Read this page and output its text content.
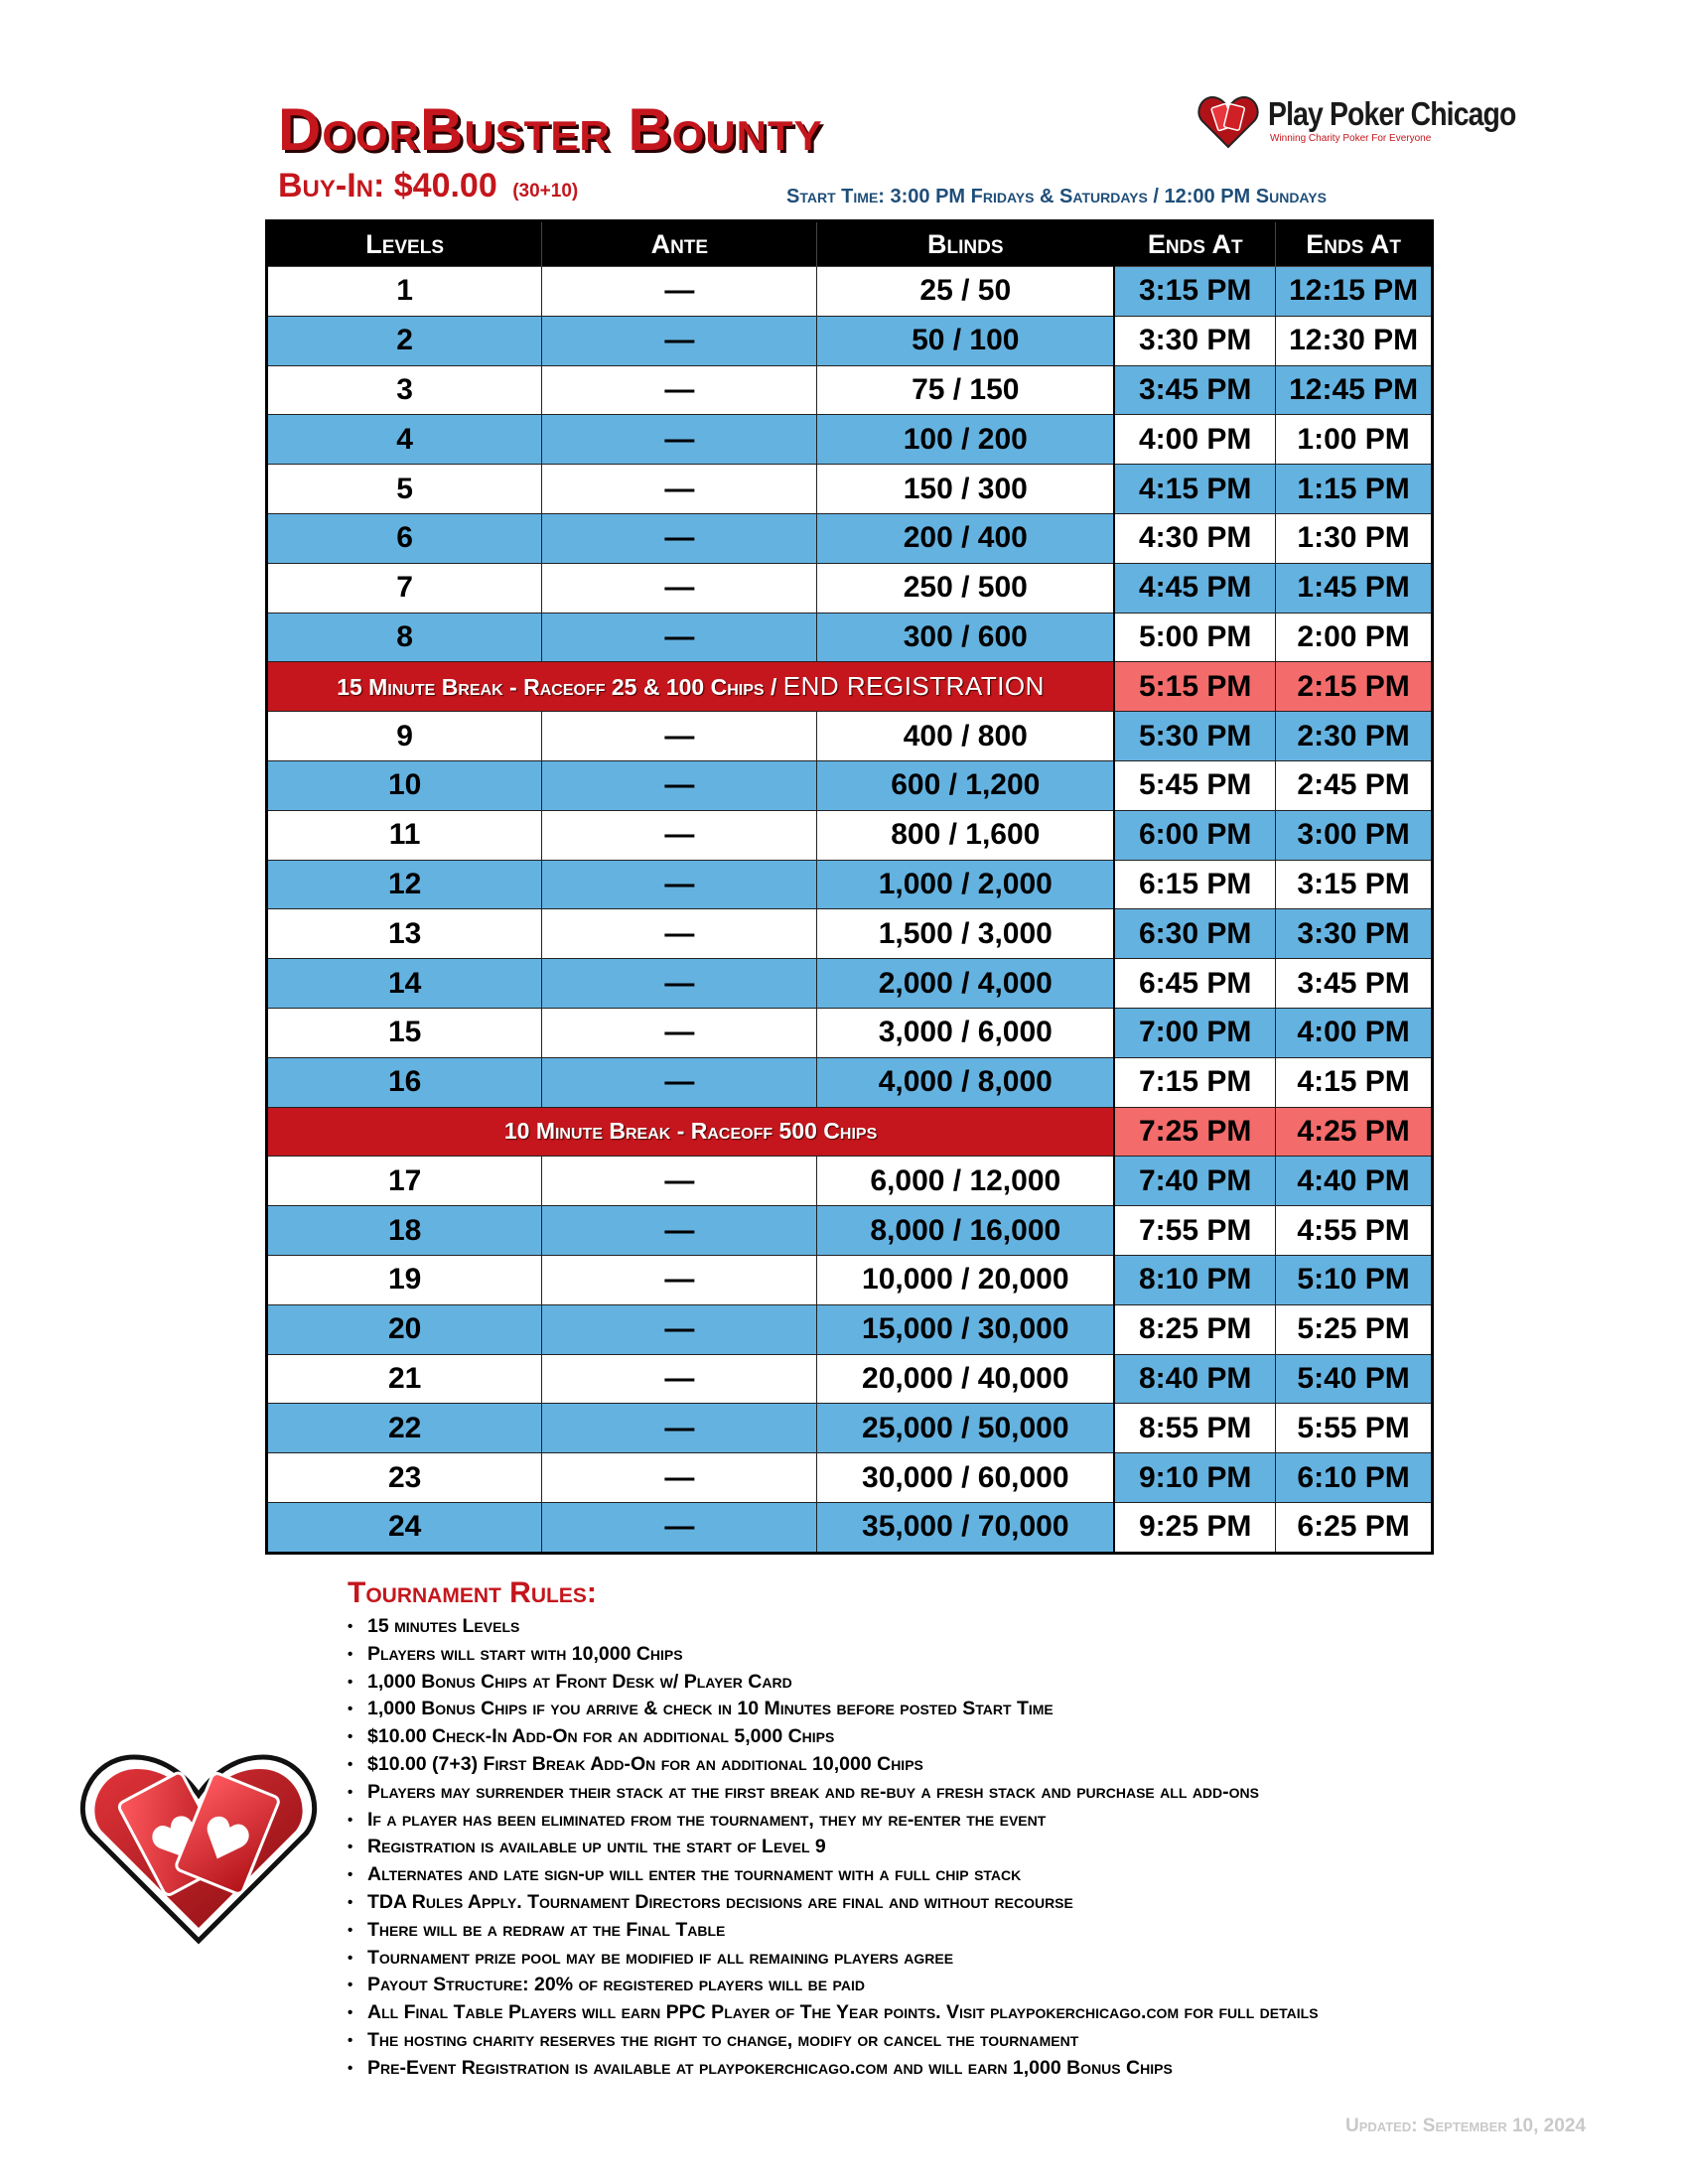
DoorBuster Bounty
Buy-In: $40.00 (30+10)	Start Time: 3:00 PM Fridays & Saturdays / 12:00 PM Sundays
Play Poker Chicago
Winning Charity Poker For Everyone
Levels	Ante	Blinds	Ends At	Ends At
1	—	25 / 50	3:15 PM	12:15 PM
2	—	50 / 100	3:30 PM	12:30 PM
3	—	75 / 150	3:45 PM	12:45 PM
4	—	100 / 200	4:00 PM	1:00 PM
5	—	150 / 300	4:15 PM	1:15 PM
6	—	200 / 400	4:30 PM	1:30 PM
7	—	250 / 500	4:45 PM	1:45 PM
8	—	300 / 600	5:00 PM	2:00 PM
15 Minute Break - Raceoff 25 & 100 Chips / END REGISTRATION			5:15 PM	2:15 PM
9	—	400 / 800	5:30 PM	2:30 PM
10	—	600 / 1,200	5:45 PM	2:45 PM
11	—	800 / 1,600	6:00 PM	3:00 PM
12	—	1,000 / 2,000	6:15 PM	3:15 PM
13	—	1,500 / 3,000	6:30 PM	3:30 PM
14	—	2,000 / 4,000	6:45 PM	3:45 PM
15	—	3,000 / 6,000	7:00 PM	4:00 PM
16	—	4,000 / 8,000	7:15 PM	4:15 PM
10 Minute Break - Raceoff 500 Chips			7:25 PM	4:25 PM
17	—	6,000 / 12,000	7:40 PM	4:40 PM
18	—	8,000 / 16,000	7:55 PM	4:55 PM
19	—	10,000 / 20,000	8:10 PM	5:10 PM
20	—	15,000 / 30,000	8:25 PM	5:25 PM
21	—	20,000 / 40,000	8:40 PM	5:40 PM
22	—	25,000 / 50,000	8:55 PM	5:55 PM
23	—	30,000 / 60,000	9:10 PM	6:10 PM
24	—	35,000 / 70,000	9:25 PM	6:25 PM
Tournament Rules:
• 15 minutes Levels
• Players will start with 10,000 Chips
• 1,000 Bonus Chips at Front Desk w/ Player Card
• 1,000 Bonus Chips if you arrive & check in 10 Minutes before posted Start Time
• $10.00 Check-In Add-On for an additional 5,000 Chips
• $10.00 (7+3) First Break Add-On for an additional 10,000 Chips
• Players may surrender their stack at the first break and re-buy a fresh stack and purchase all add-ons
• If a player has been eliminated from the tournament, they my re-enter the event
• Registration is available up until the start of Level 9
• Alternates and late sign-up will enter the tournament with a full chip stack
• TDA Rules Apply. Tournament Directors decisions are final and without recourse
• There will be a redraw at the Final Table
• Tournament prize pool may be modified if all remaining players agree
• Payout Structure: 20% of registered players will be paid
• All Final Table Players will earn PPC Player of The Year points. Visit playpokerchicago.com for full details
• The hosting charity reserves the right to change, modify or cancel the tournament
• Pre-Event Registration is available at playpokerchicago.com and will earn 1,000 Bonus Chips
Updated: September 10, 2024
